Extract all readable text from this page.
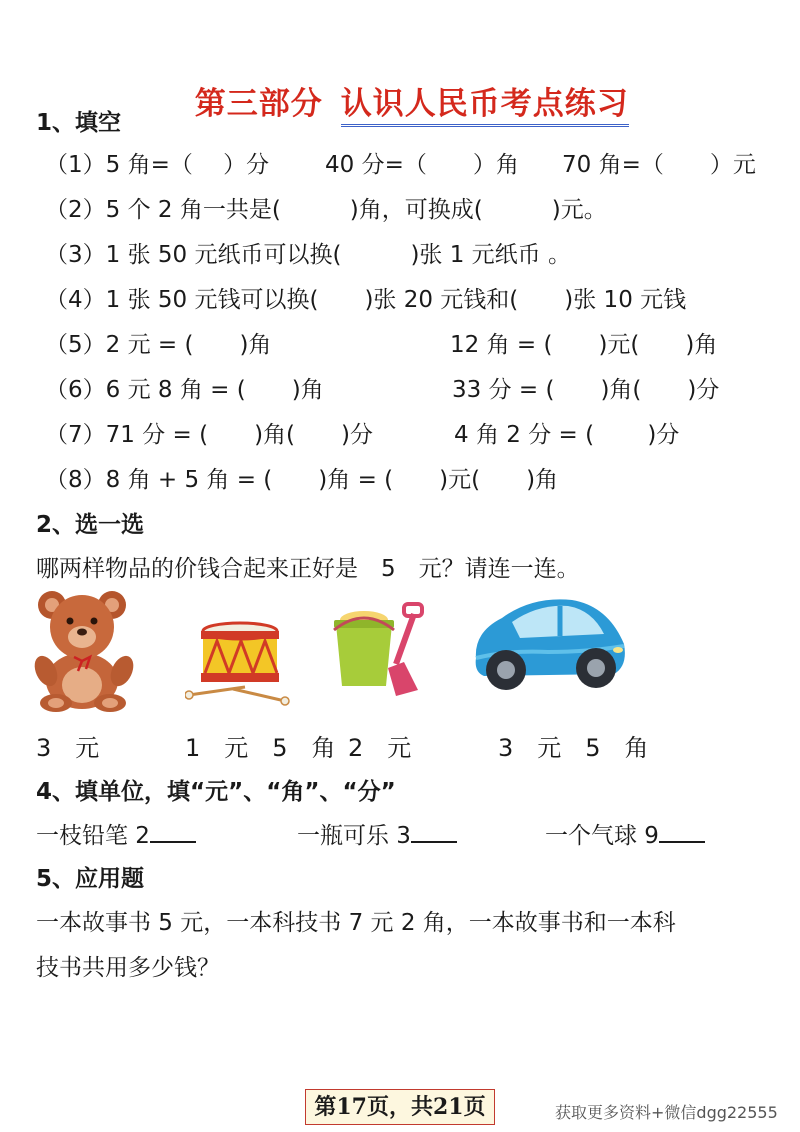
第三部分 认识人民币考点练习

1、填空
（1）5 角=（　 ）分 40 分=（　　）角 70 角=（　　）元
（2）5 个 2 角一共是(　　　)角，可换成(　　　)元。
（3）1 张 50 元纸币可以换(　　　)张 1 元纸币 。
（4）1 张 50 元钱可以换(　　)张 20 元钱和(　　)张 10 元钱
（5）2 元 = (　　)角	12 角 = (　　)元(　　)角
（6）6 元 8 角 = (　　)角	33 分 = (　　)角(　　)分
（7）71 分 = (　　)角(　　)分	4 角 2 分 = (　　 )分
（8）8 角 + 5 角 = (　　)角 = (　　)元(　　)角
2、选一选
哪两样物品的价钱合起来正好是　5　元？请连一连。
3　元	1　元　5　角 2　元	3　元　5　角
4、填单位，填“元”、“角”、“分”
一枝铅笔 2	一瓶可乐 3	一个气球 9
5、应用题
一本故事书 5 元，一本科技书 7 元 2 角，一本故事书和一本科
技书共用多少钱？
第17页，共21页	获取更多资料+微信dgg22555
